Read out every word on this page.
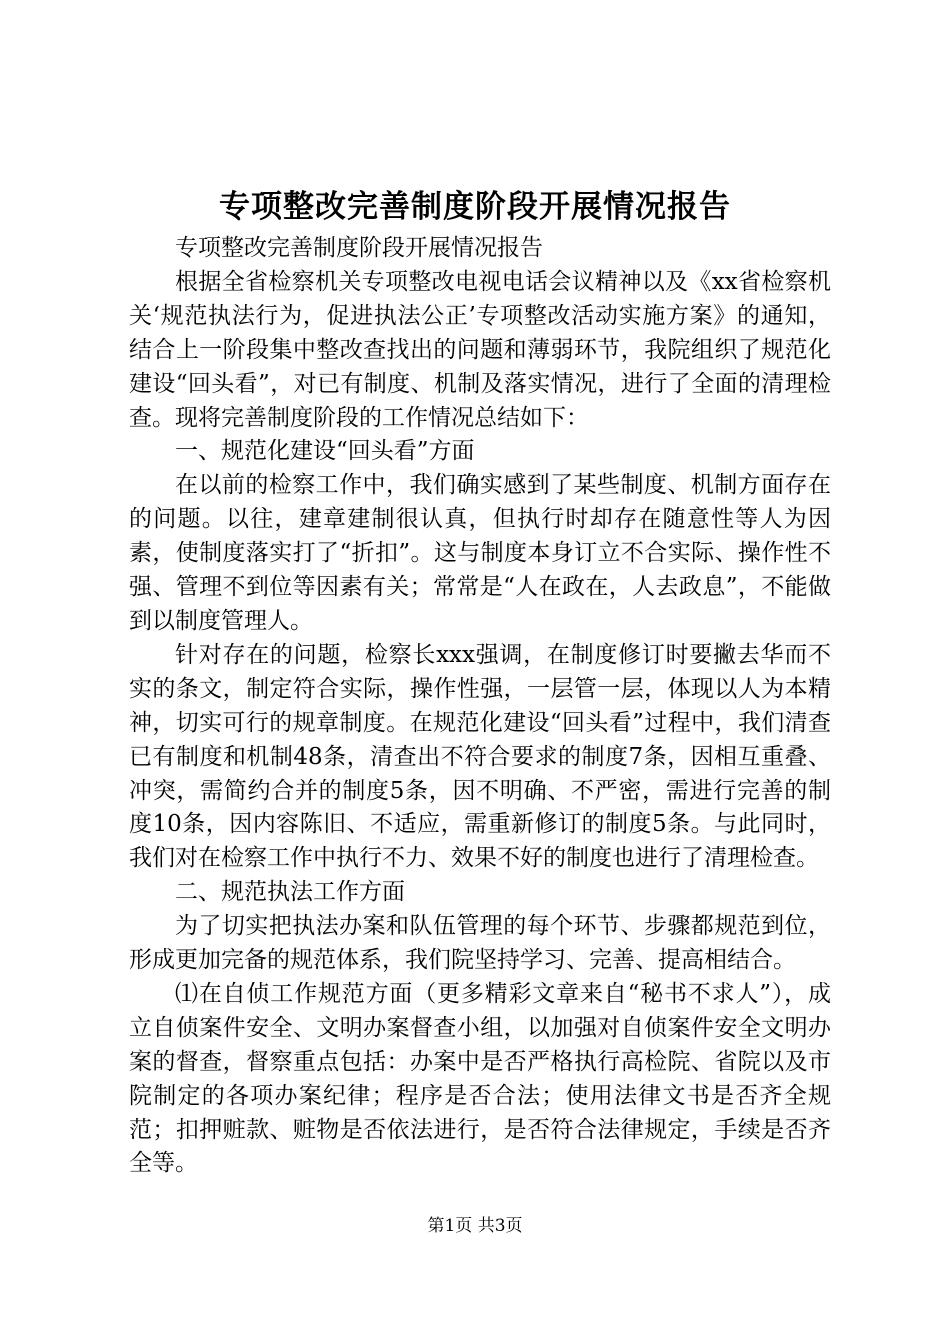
专项整改完善制度阶段开展情况报告

专项整改完善制度阶段开展情况报告

根据全省检察机关专项整改电视电话会议精神以及《xx省检察机关‘规范执法行为，促进执法公正’专项整改活动实施方案》的通知，结合上一阶段集中整改查找出的问题和薄弱环节，我院组织了规范化建设“回头看”，对已有制度、机制及落实情况，进行了全面的清理检查。现将完善制度阶段的工作情况总结如下：

一、规范化建设“回头看”方面

在以前的检察工作中，我们确实感到了某些制度、机制方面存在的问题。以往，建章建制很认真，但执行时却存在随意性等人为因素，使制度落实打了“折扣”。这与制度本身订立不合实际、操作性不强、管理不到位等因素有关；常常是“人在政在，人去政息”，不能做到以制度管理人。

针对存在的问题，检察长xxx强调，在制度修订时要撇去华而不实的条文，制定符合实际，操作性强，一层管一层，体现以人为本精神，切实可行的规章制度。在规范化建设“回头看”过程中，我们清查已有制度和机制48条，清查出不符合要求的制度7条，因相互重叠、冲突，需简约合并的制度5条，因不明确、不严密，需进行完善的制度10条，因内容陈旧、不适应，需重新修订的制度5条。与此同时，我们对在检察工作中执行不力、效果不好的制度也进行了清理检查。

二、规范执法工作方面

为了切实把执法办案和队伍管理的每个环节、步骤都规范到位，形成更加完备的规范体系，我们院坚持学习、完善、提高相结合。

⑴在自侦工作规范方面（更多精彩文章来自“秘书不求人”），成立自侦案件安全、文明办案督查小组，以加强对自侦案件安全文明办案的督查，督察重点包括：办案中是否严格执行高检院、省院以及市院制定的各项办案纪律；程序是否合法；使用法律文书是否齐全规范；扣押赃款、赃物是否依法进行，是否符合法律规定，手续是否齐全等。

第1页 共3页
